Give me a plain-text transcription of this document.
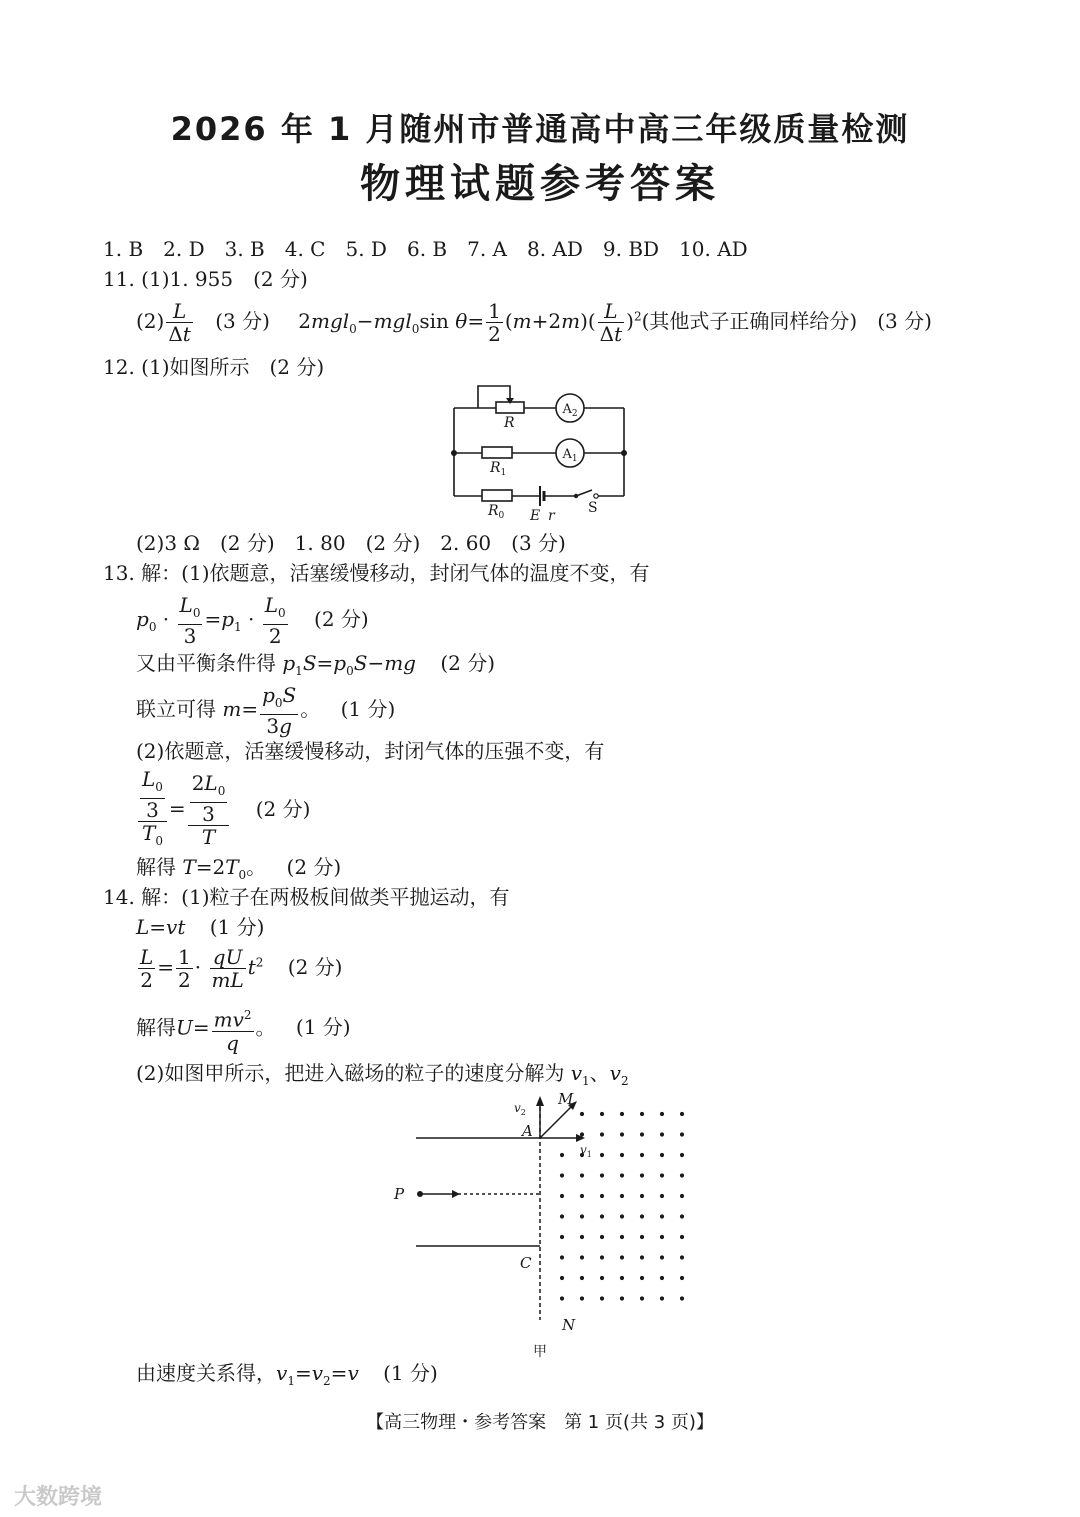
2026 年 1 月随州市普通高中高三年级质量检测
物理试题参考答案
1. B　2. D　3. B　4. C　5. D　6. B　7. A　8. AD　9. BD　10. AD
11. (1)1. 955　(2 分)
$(2) \frac{L}{\Delta t} (3$ 分) 2mgl$_0$−mgl$_0$sin $\theta= \frac{1}{2} (m+2m)( \frac{L}{\Delta t} )^2$(其他式子正确同样给分)　(3 分)
12. (1)如图所示　(2 分)
$A_2$
$A_1$
R
$R_1$
$R_0$ E r S
(2)3 Ω　(2 分)　1. 80　(2 分)　2. 60　(3 分)
13. 解：(1)依题意，活塞缓慢移动，封闭气体的温度不变，有
$p_0 \cdot \frac{L_0}{3} =p_1 \cdot \frac{L_0}{2} (2$ 分)
又由平衡条件得 $p_1S=p_0S-mg$ (2 分)
联立可得 $m= \frac{p_0S}{3g}$ 。 (1 分)
(2)依题意，活塞缓慢移动，封闭气体的压强不变，有
$\frac{\frac{L_0}{3}}{T_0} = \frac{\frac{2L_0}{3}}{T} (2$ 分)
解得 $T=2T_0$。 (2 分)
14. 解：(1)粒子在两极板间做类平抛运动，有
L=vt (1 分)
$\frac{L}{2} = \frac{1}{2} \cdot \frac{qU}{mL} t^2$ (2 分)
解得$U= \frac{mv^2}{q}$ 。 (1 分)
(2)如图甲所示，把进入磁场的粒子的速度分解为 $v_1$、$v_2$
M
A
P
C
N
$v_2$
$v_1$
甲
由速度关系得，$v_1=v_2=v$ (1 分)
【高三物理・参考答案　第 1 页(共 3 页)】
大数跨境
